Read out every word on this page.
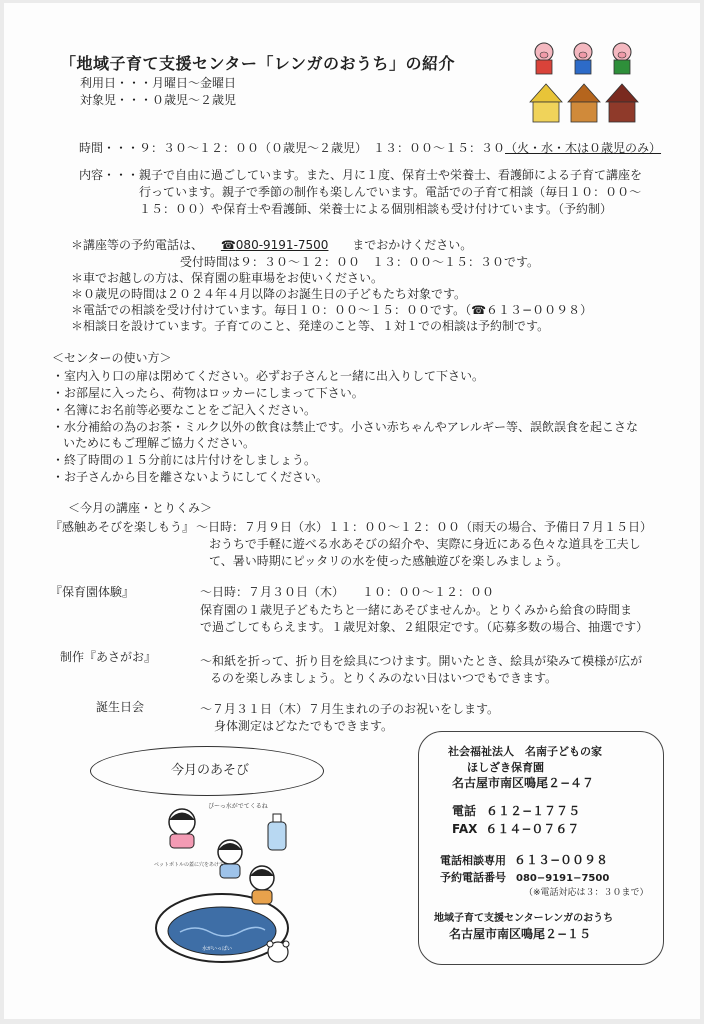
「地域子育て支援センター「レンガのおうち」の紹介
利用日・・・月曜日〜金曜日
対象児・・・０歳児〜２歳児
時間・・・９：３０〜１２：００（０歳児〜２歳児）　１３：００〜１５：３０（火・水・木は０歳児のみ）
内容・・・親子で自由に過ごしています。また、月に１度、保育士や栄養士、看護師による子育て講座を
行っています。親子で季節の制作も楽しんでいます。電話での子育て相談（毎日１０：００〜
１５：００）や保育士や看護師、栄養士による個別相談も受け付けています。（予約制）
＊講座等の予約電話は、 ☎080-9191-7500 までおかけください。
受付時間は９：３０〜１２：００　１３：００〜１５：３０です。
＊車でお越しの方は、保育園の駐車場をお使いください。
＊０歳児の時間は２０２４年４月以降のお誕生日の子どもたち対象です。
＊電話での相談を受け付けています。毎日１０：００〜１５：００です。（☎６１３−００９８）
＊相談日を設けています。子育てのこと、発達のこと等、１対１での相談は予約制です。
＜センターの使い方＞
・室内入り口の扉は閉めてください。必ずお子さんと一緒に出入りして下さい。
・お部屋に入ったら、荷物はロッカーにしまって下さい。
・名簿にお名前等必要なことをご記入ください。
・水分補給の為のお茶・ミルク以外の飲食は禁止です。小さい赤ちゃんやアレルギー等、誤飲誤食を起こさな
いためにもご理解ご協力ください。
・終了時間の１５分前には片付けをしましょう。
・お子さんから目を離さないようにしてください。
＜今月の講座・とりくみ＞
『感触あそびを楽しもう』 〜日時：７月９日（水）１１：００〜１２：００（雨天の場合、予備日７月１５日）
おうちで手軽に遊べる水あそびの紹介や、実際に身近にある色々な道具を工夫し
て、暑い時期にピッタリの水を使った感触遊びを楽しみましょう。
『保育園体験』	〜日時：７月３０日（木）　　１０：００〜１２：００
保育園の１歳児子どもたちと一緒にあそびませんか。とりくみから給食の時間ま
で過ごしてもらえます。１歳児対象、２組限定です。（応募多数の場合、抽選です）
制作『あさがお』	〜和紙を折って、折り目を絵具につけます。開いたとき、絵具が染みて模様が広が
るのを楽しみましょう。とりくみのない日はいつでもできます。
誕生日会	〜７月３１日（木）７月生まれの子のお祝いをします。
身体測定はどなたでもできます。
今月のあそび
ぴーっ水がでてくるね
ペットボトルの蓋に穴をあけて
水がいっぱい
社会福祉法人　名南子どもの家
ほしざき保育園
名古屋市南区鳴尾２−４７
電話 ６１２−１７７５
FAX ６１４−０７６７
電話相談専用 ６１３−００９８
予約電話番号 080−9191−7500
（※電話対応は３：３０まで）
地域子育て支援センターレンガのおうち
名古屋市南区鳴尾２−１５
